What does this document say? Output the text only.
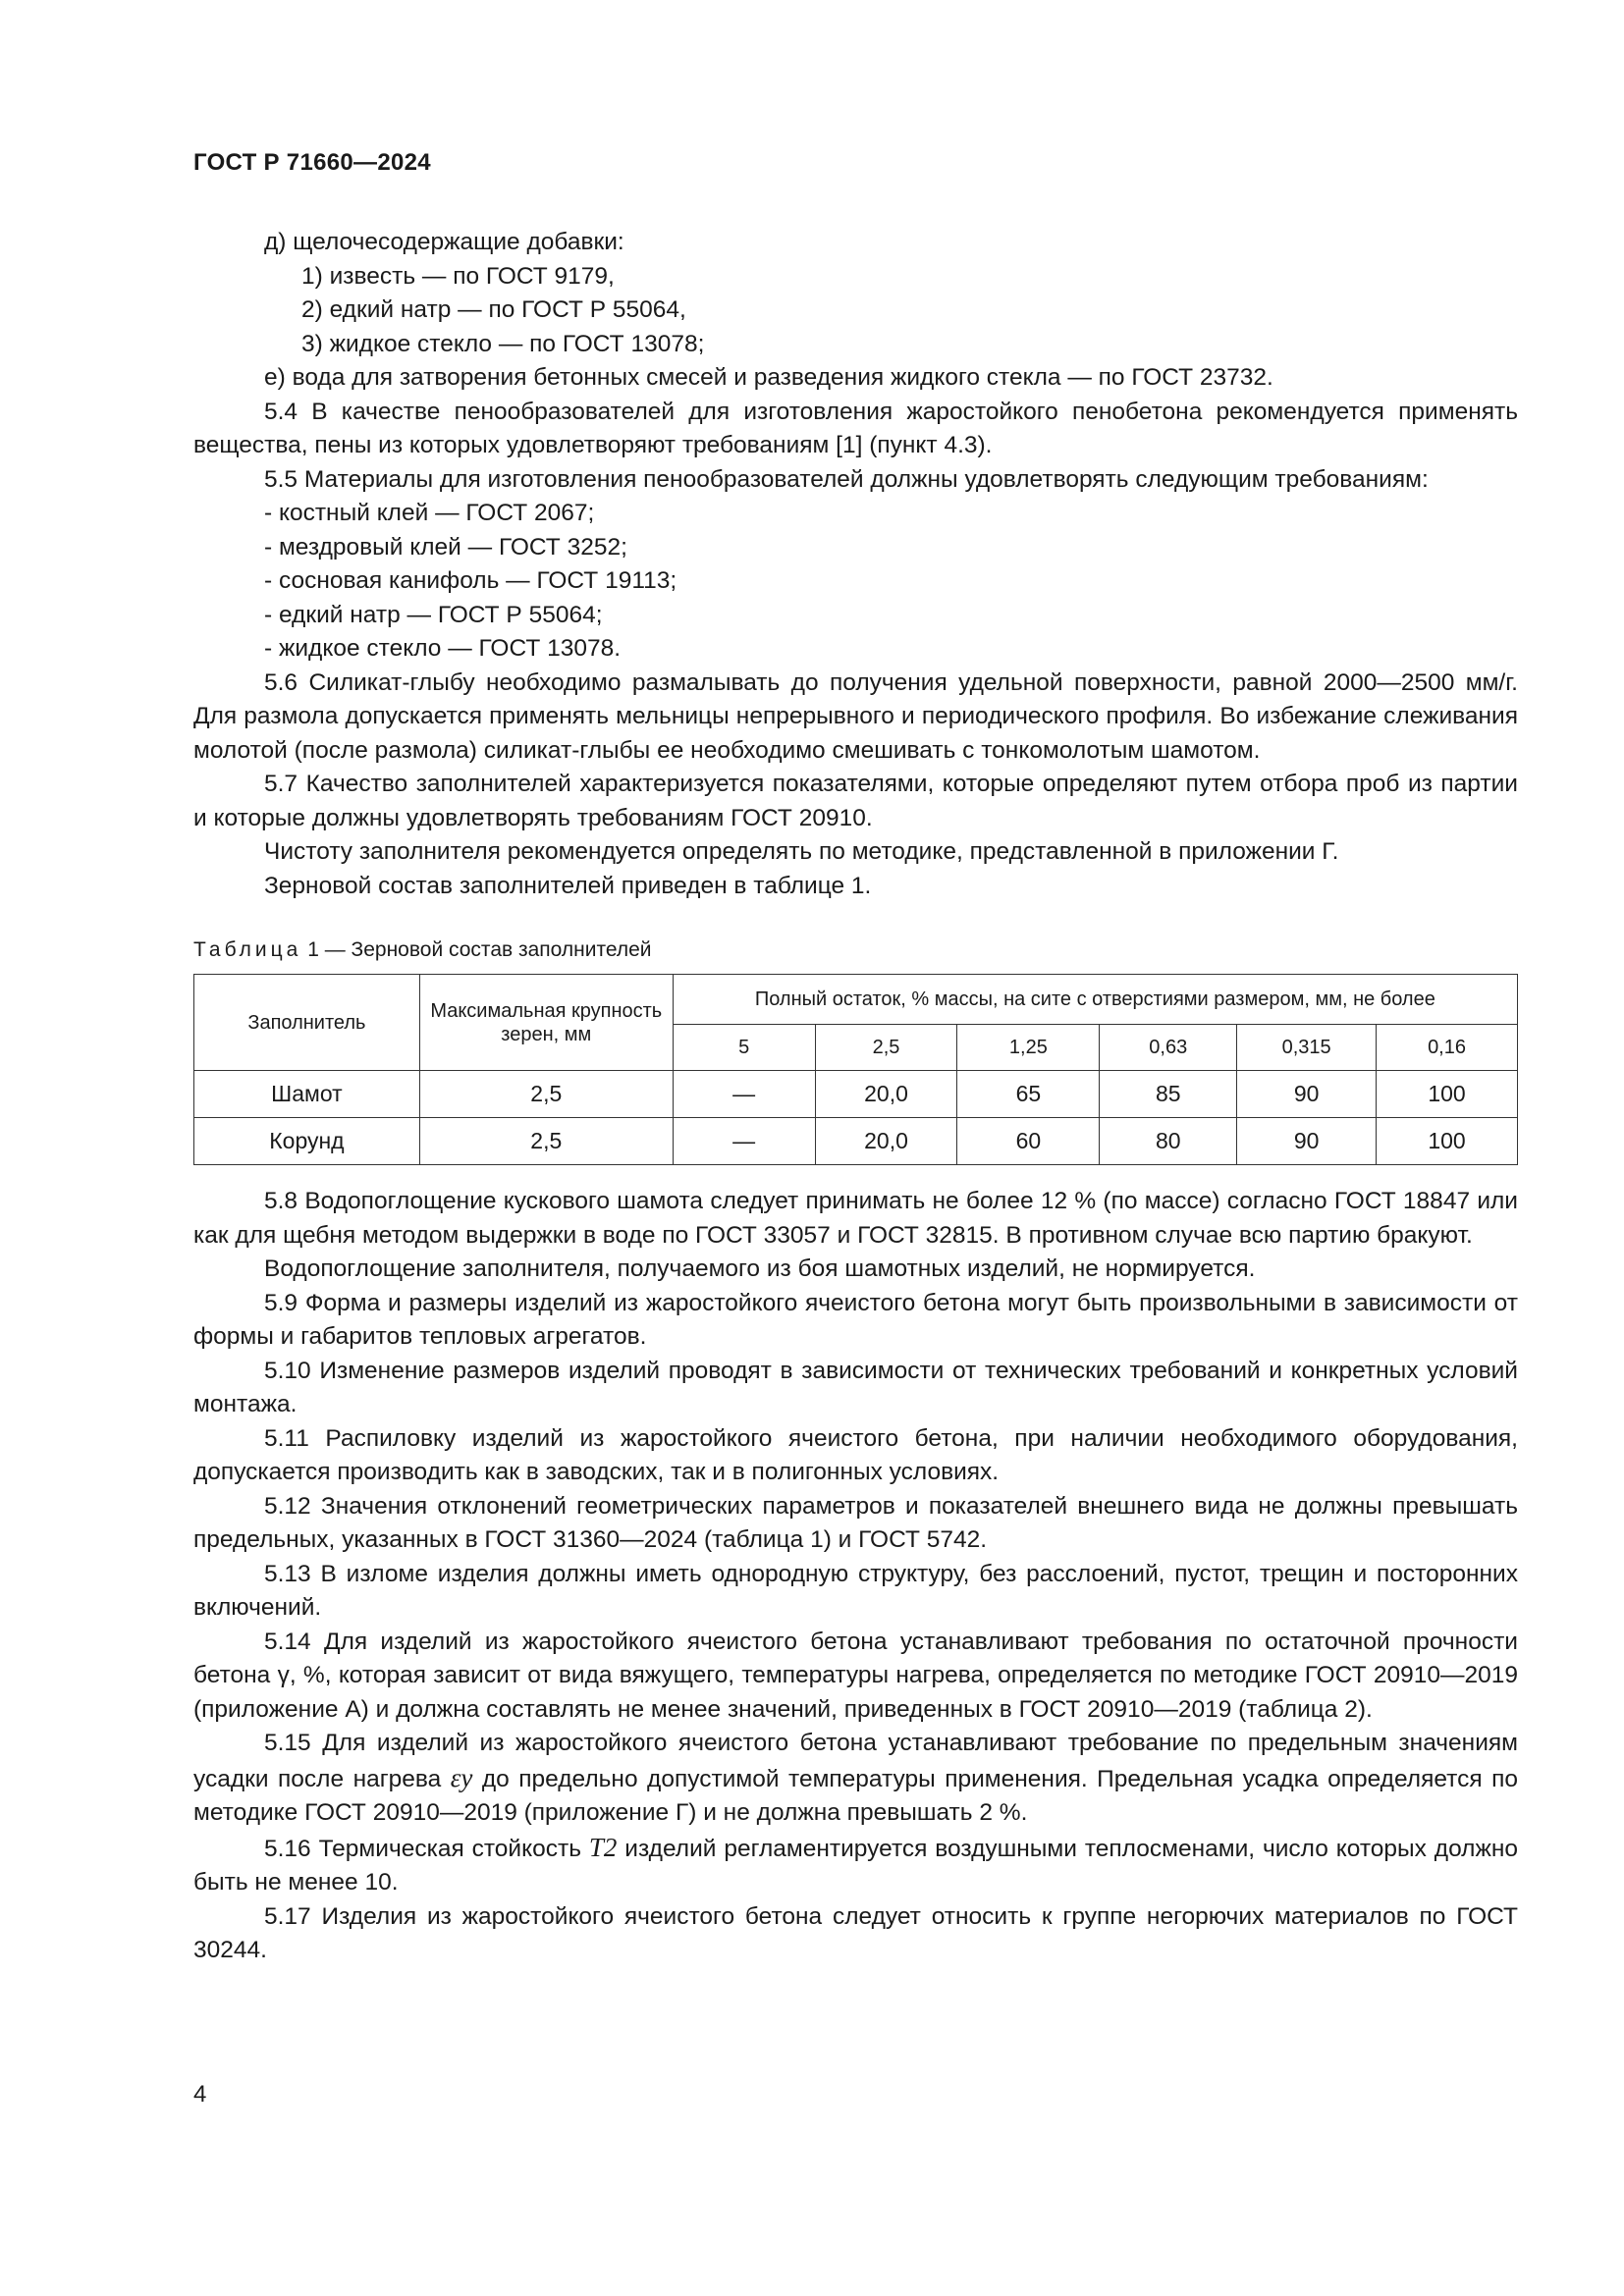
ГОСТ Р 71660—2024

д) щелочесодержащие добавки:

1) известь — по ГОСТ 9179,

2) едкий натр — по ГОСТ Р 55064,

3) жидкое стекло — по ГОСТ 13078;

е) вода для затворения бетонных смесей и разведения жидкого стекла — по ГОСТ 23732.

5.4 В качестве пенообразователей для изготовления жаростойкого пенобетона рекомендуется применять вещества, пены из которых удовлетворяют требованиям [1] (пункт 4.3).

5.5 Материалы для изготовления пенообразователей должны удовлетворять следующим требованиям:

- костный клей — ГОСТ 2067;

- мездровый клей — ГОСТ 3252;

- сосновая канифоль — ГОСТ 19113;

- едкий натр — ГОСТ Р 55064;

- жидкое стекло — ГОСТ 13078.

5.6 Силикат-глыбу необходимо размалывать до получения удельной поверхности, равной 2000—2500 мм/г. Для размола допускается применять мельницы непрерывного и периодического профиля. Во избежание слеживания молотой (после размола) силикат-глыбы ее необходимо смешивать с тонкомолотым шамотом.

5.7 Качество заполнителей характеризуется показателями, которые определяют путем отбора проб из партии и которые должны удовлетворять требованиям ГОСТ 20910.

Чистоту заполнителя рекомендуется определять по методике, представленной в приложении Г.

Зерновой состав заполнителей приведен в таблице 1.

Таблица 1 — Зерновой состав заполнителей
Заполнитель	Максимальная крупность зерен, мм	Полный остаток, % массы, на сите с отверстиями размером, мм, не более					
		5	2,5	1,25	0,63	0,315	0,16
Шамот	2,5	—	20,0	65	85	90	100
Корунд	2,5	—	20,0	60	80	90	100

5.8 Водопоглощение кускового шамота следует принимать не более 12 % (по массе) согласно ГОСТ 18847 или как для щебня методом выдержки в воде по ГОСТ 33057 и ГОСТ 32815. В противном случае всю партию бракуют.

Водопоглощение заполнителя, получаемого из боя шамотных изделий, не нормируется.

5.9 Форма и размеры изделий из жаростойкого ячеистого бетона могут быть произвольными в зависимости от формы и габаритов тепловых агрегатов.

5.10 Изменение размеров изделий проводят в зависимости от технических требований и конкретных условий монтажа.

5.11 Распиловку изделий из жаростойкого ячеистого бетона, при наличии необходимого оборудования, допускается производить как в заводских, так и в полигонных условиях.

5.12 Значения отклонений геометрических параметров и показателей внешнего вида не должны превышать предельных, указанных в ГОСТ 31360—2024 (таблица 1) и ГОСТ 5742.

5.13 В изломе изделия должны иметь однородную структуру, без расслоений, пустот, трещин и посторонних включений.

5.14 Для изделий из жаростойкого ячеистого бетона устанавливают требования по остаточной прочности бетона γ, %, которая зависит от вида вяжущего, температуры нагрева, определяется по методике ГОСТ 20910—2019 (приложение А) и должна составлять не менее значений, приведенных в ГОСТ 20910—2019 (таблица 2).

5.15 Для изделий из жаростойкого ячеистого бетона устанавливают требование по предельным значениям усадки после нагрева εy до предельно допустимой температуры применения. Предельная усадка определяется по методике ГОСТ 20910—2019 (приложение Г) и не должна превышать 2 %.

5.16 Термическая стойкость T2 изделий регламентируется воздушными теплосменами, число которых должно быть не менее 10.

5.17 Изделия из жаростойкого ячеистого бетона следует относить к группе негорючих материалов по ГОСТ 30244.

4
